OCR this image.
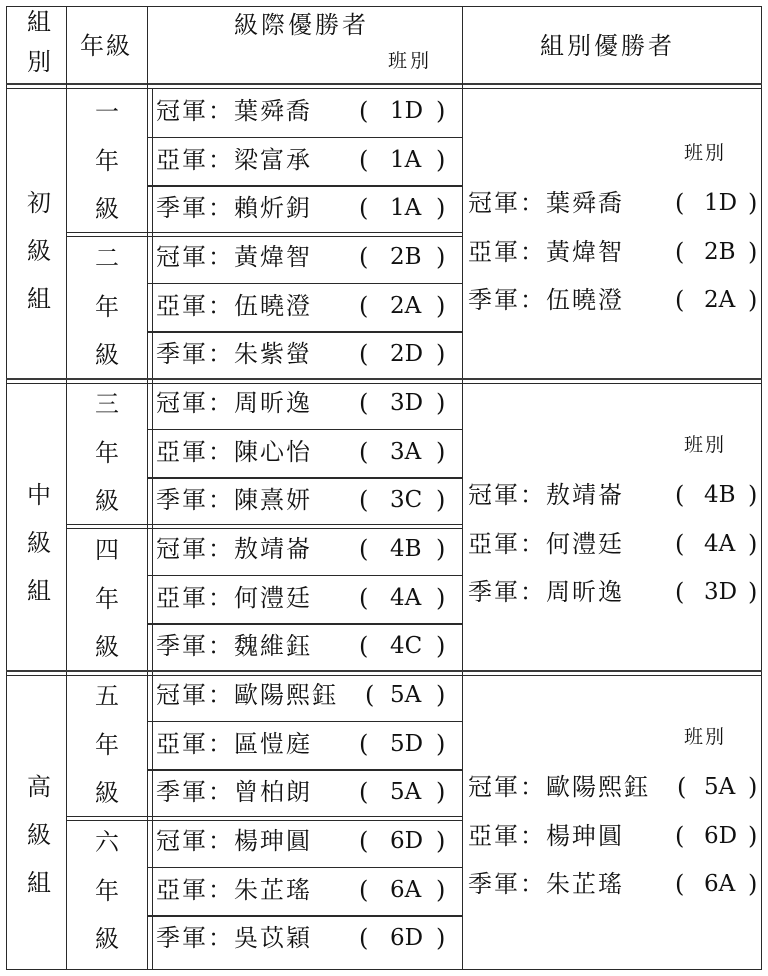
組
別
年級
級際優勝者
班別
組別優勝者
初
級
組
一
年
級
冠軍：葉舜喬 ( 1D )
亞軍：梁富承 ( 1A )
季軍：賴炘鈅 ( 1A )
二
年
級
冠軍：黃煒智 ( 2B )
亞軍：伍曉澄 ( 2A )
季軍：朱紫螢 ( 2D )
班別
冠軍：葉舜喬 ( 1D )
亞軍：黃煒智 ( 2B )
季軍：伍曉澄 ( 2A )
中
級
組
三
年
級
冠軍：周昕逸 ( 3D )
亞軍：陳心怡 ( 3A )
季軍：陳熹妍 ( 3C )
四
年
級
冠軍：敖靖崙 ( 4B )
亞軍：何澧廷 ( 4A )
季軍：魏維鈺 ( 4C )
班別
冠軍：敖靖崙 ( 4B )
亞軍：何澧廷 ( 4A )
季軍：周昕逸 ( 3D )
高
級
組
五
年
級
冠軍：歐陽熙鈺 ( 5A )
亞軍：區愷庭 ( 5D )
季軍：曾柏朗 ( 5A )
六
年
級
冠軍：楊珅圓 ( 6D )
亞軍：朱芷瑤 ( 6A )
季軍：吳苡穎 ( 6D )
班別
冠軍：歐陽熙鈺 ( 5A )
亞軍：楊珅圓 ( 6D )
季軍：朱芷瑤 ( 6A )
